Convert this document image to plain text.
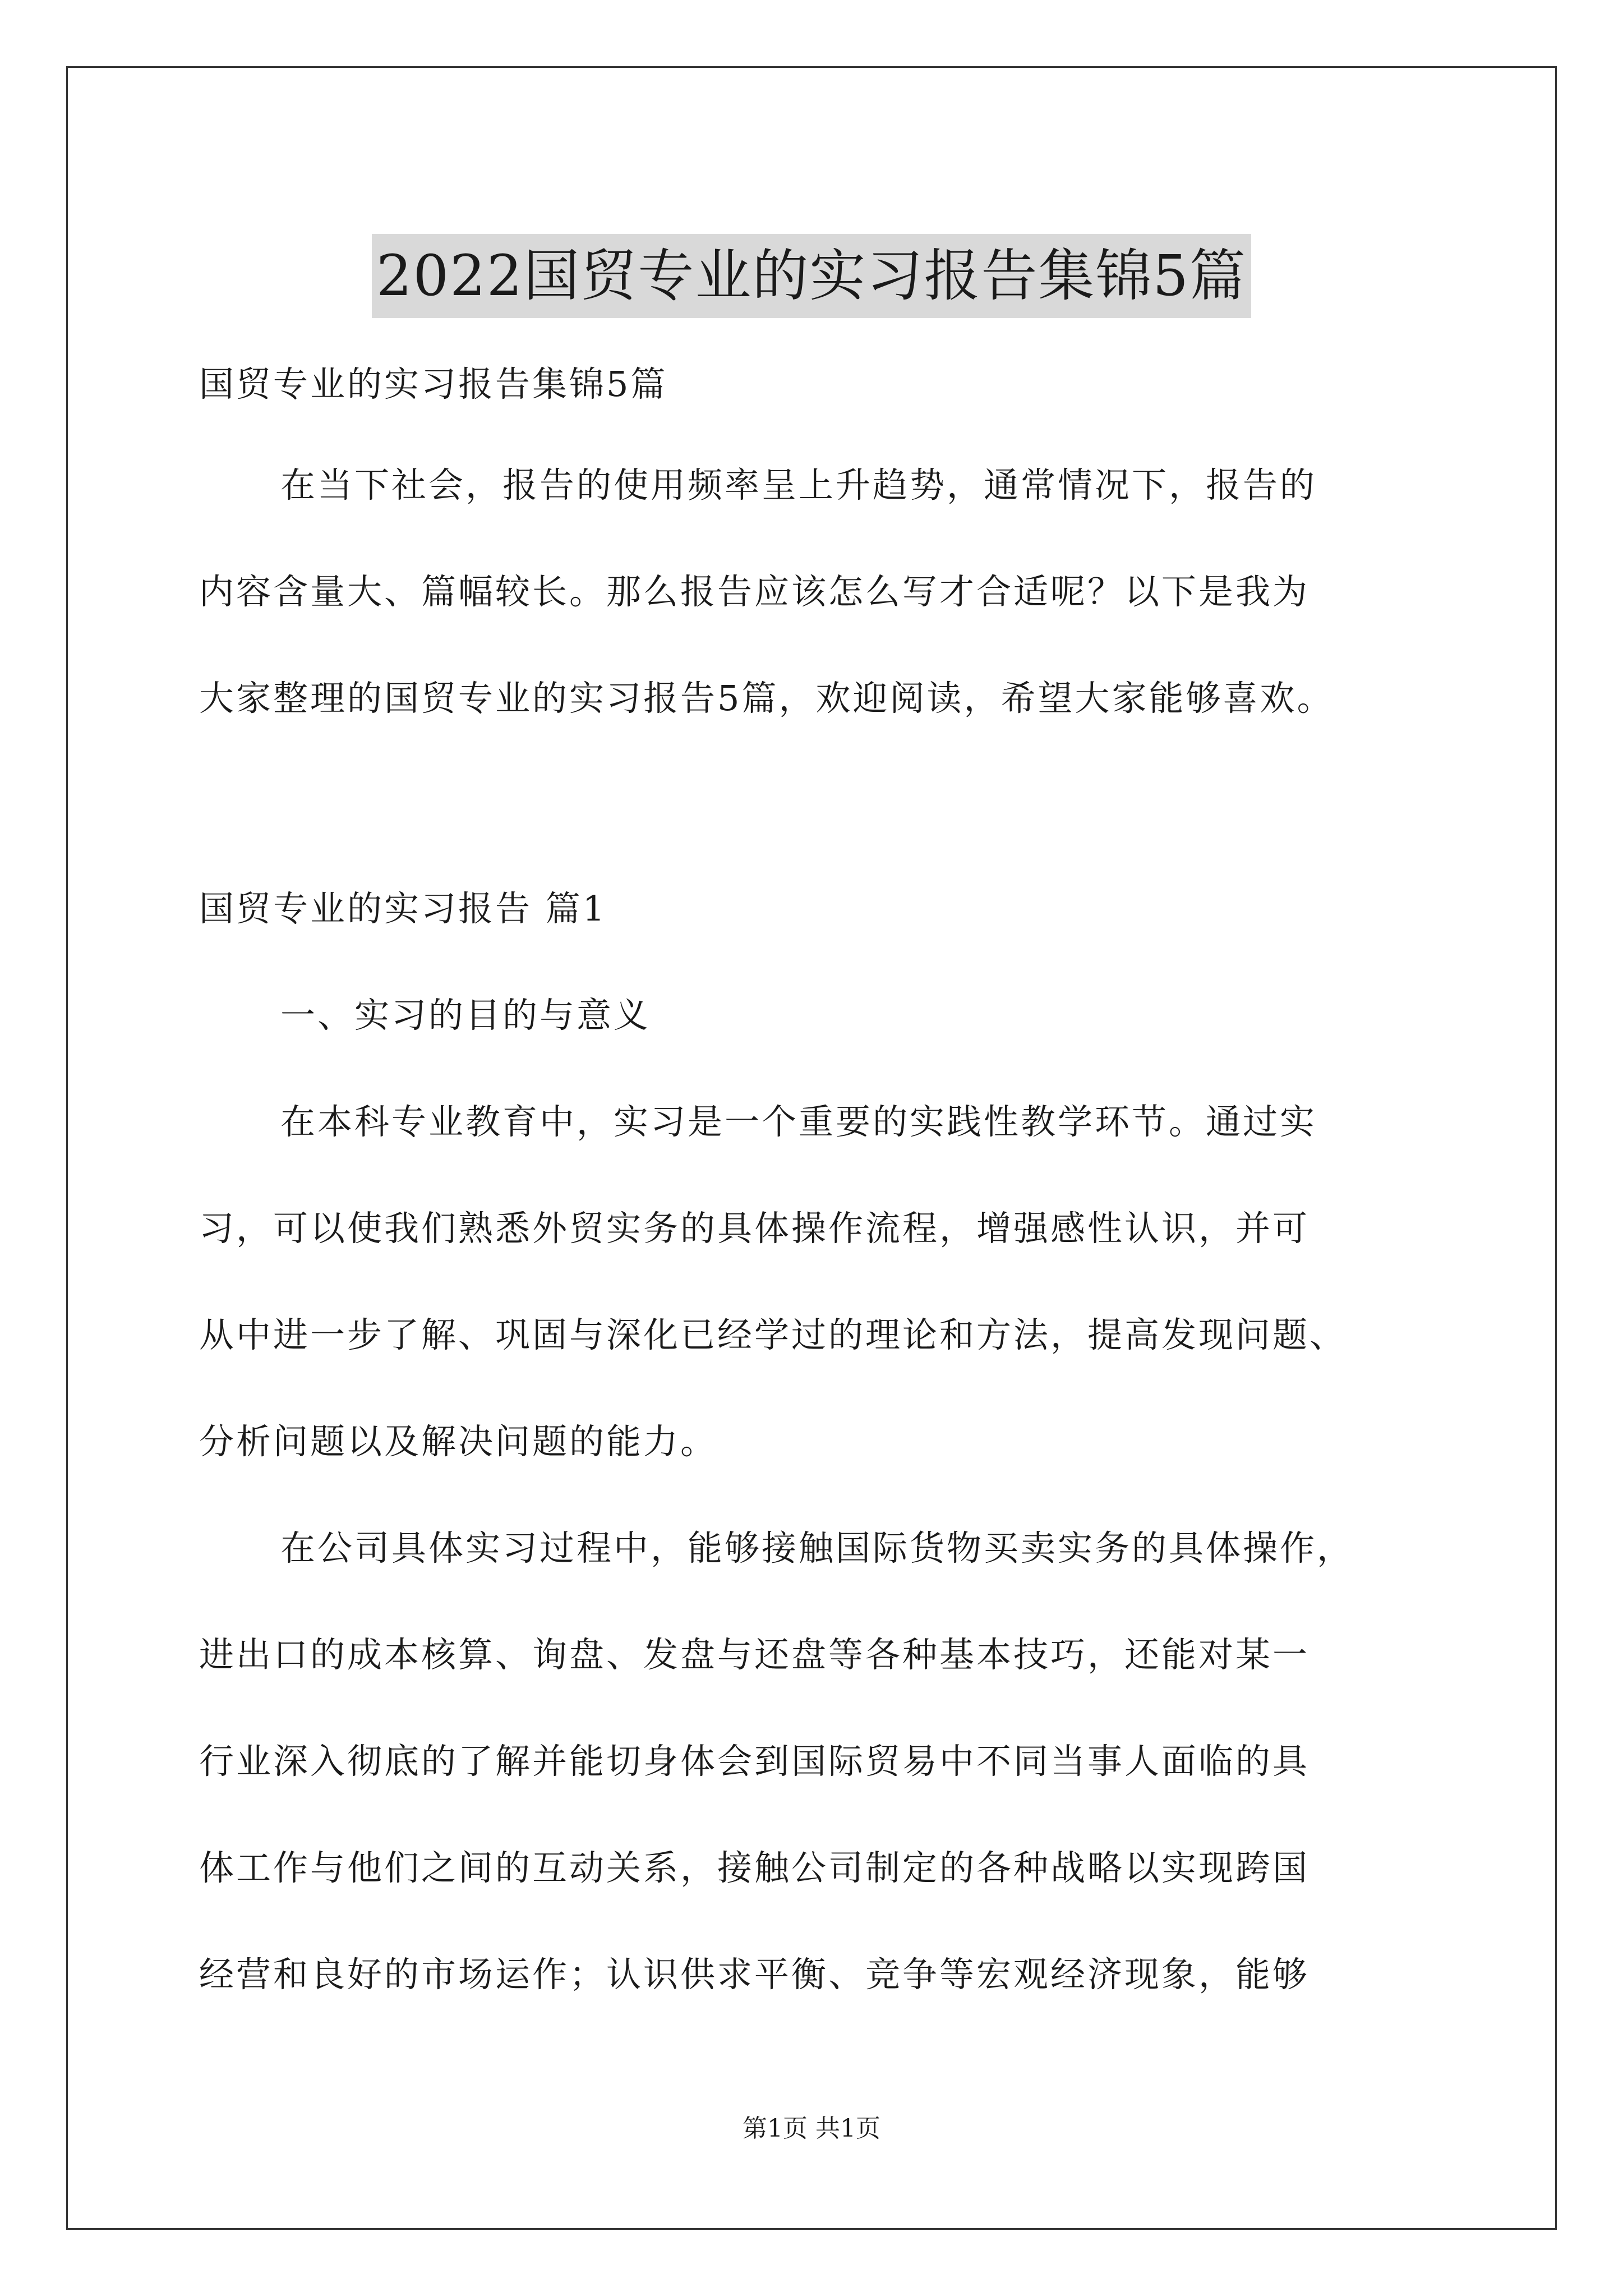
2022国贸专业的实习报告集锦5篇
国贸专业的实习报告集锦5篇
在当下社会，报告的使用频率呈上升趋势，通常情况下，报告的
内容含量大、篇幅较长。那么报告应该怎么写才合适呢？以下是我为
大家整理的国贸专业的实习报告5篇，欢迎阅读，希望大家能够喜欢。
国贸专业的实习报告 篇1
一、实习的目的与意义
在本科专业教育中，实习是一个重要的实践性教学环节。通过实
习，可以使我们熟悉外贸实务的具体操作流程，增强感性认识，并可
从中进一步了解、巩固与深化已经学过的理论和方法，提高发现问题、
分析问题以及解决问题的能力。
在公司具体实习过程中，能够接触国际货物买卖实务的具体操作，
进出口的成本核算、询盘、发盘与还盘等各种基本技巧，还能对某一
行业深入彻底的了解并能切身体会到国际贸易中不同当事人面临的具
体工作与他们之间的互动关系，接触公司制定的各种战略以实现跨国
经营和良好的市场运作；认识供求平衡、竞争等宏观经济现象，能够
第1页 共1页
